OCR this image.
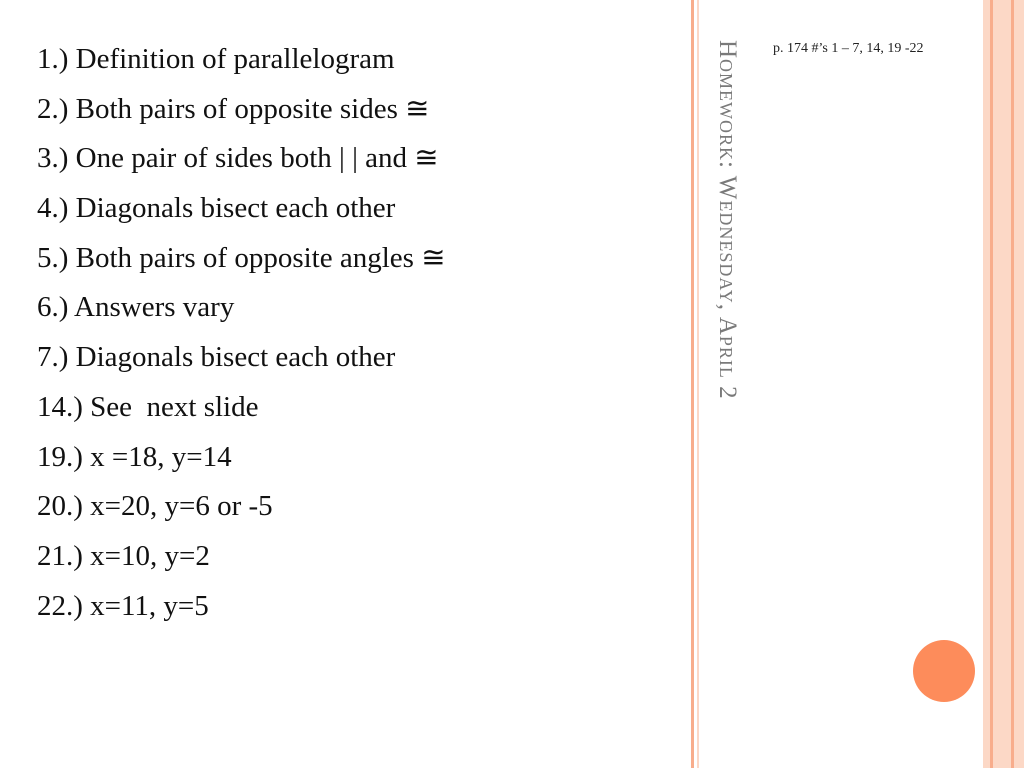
1.) Definition of parallelogram
2.) Both pairs of opposite sides ≅
3.) One pair of sides both | | and ≅
4.) Diagonals bisect each other
5.) Both pairs of opposite angles ≅
6.) Answers vary
7.) Diagonals bisect each other
14.) See  next slide
19.) x =18, y=14
20.) x=20, y=6 or -5
21.) x=10, y=2
22.) x=11, y=5
Homework: Wednesday, April 2 p. 174 #’s 1 – 7, 14, 19 -22
